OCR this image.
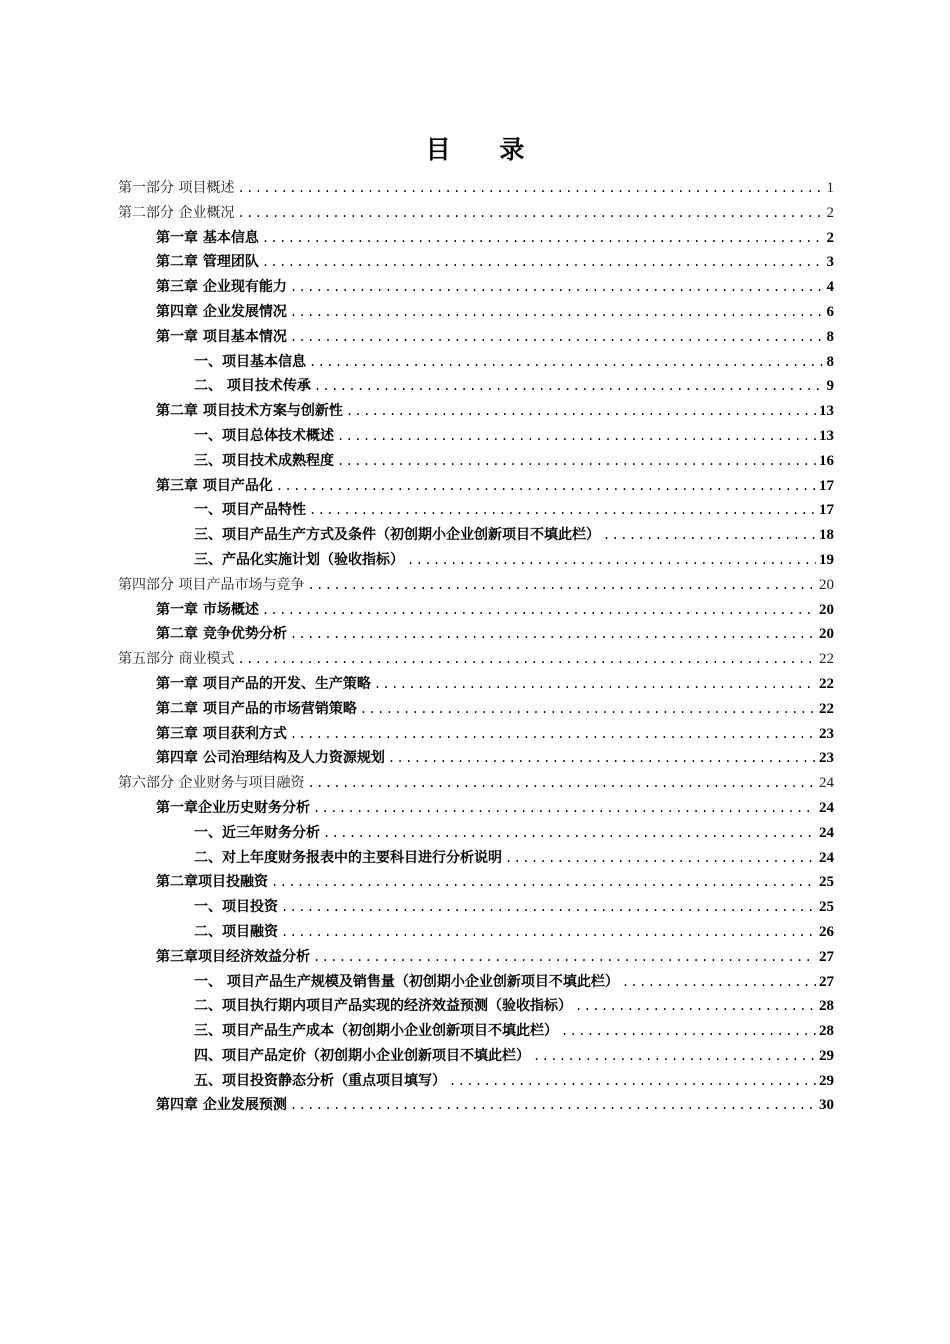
目 录
第一部分 项目概述 .....	1
第二部分 企业概况 .....	2
第一章 基本信息 .....	2
第二章 管理团队 .....	3
第三章 企业现有能力 .....	4
第四章 企业发展情况 .....	6
第一章 项目基本情况 .....	8
一、项目基本信息 .....	8
二、 项目技术传承 .....	9
第二章 项目技术方案与创新性 .....	13
一、项目总体技术概述 .....	13
三、项目技术成熟程度 .....	16
第三章 项目产品化 .....	17
一、项目产品特性 .....	17
三、项目产品生产方式及条件（初创期小企业创新项目不填此栏） .....	18
三、产品化实施计划（验收指标） .....	19
第四部分 项目产品市场与竞争 .....	20
第一章 市场概述 .....	20
第二章 竞争优势分析 .....	20
第五部分 商业模式 .....	22
第一章 项目产品的开发、生产策略 .....	22
第二章 项目产品的市场营销策略 .....	22
第三章 项目获利方式 .....	23
第四章 公司治理结构及人力资源规划 .....	23
第六部分 企业财务与项目融资 .....	24
第一章企业历史财务分析 .....	24
一、近三年财务分析 .....	24
二、对上年度财务报表中的主要科目进行分析说明 .....	24
第二章项目投融资 .....	25
一、项目投资 .....	25
二、项目融资 .....	26
第三章项目经济效益分析 .....	27
一、 项目产品生产规模及销售量（初创期小企业创新项目不填此栏） .....	27
二、项目执行期内项目产品实现的经济效益预测（验收指标） .....	28
三、项目产品生产成本（初创期小企业创新项目不填此栏） .....	28
四、项目产品定价（初创期小企业创新项目不填此栏） .....	29
五、项目投资静态分析（重点项目填写） .....	29
第四章 企业发展预测 .....	30
